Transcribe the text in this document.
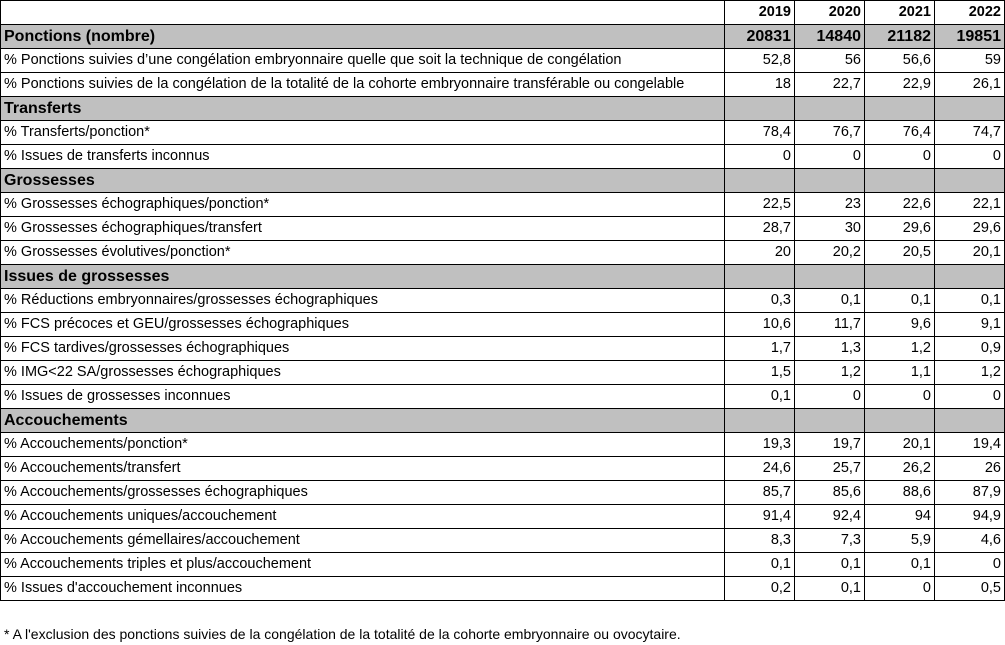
	2019	2020	2021	2022
Ponctions (nombre)	20831	14840	21182	19851
% Ponctions suivies d’une congélation embryonnaire quelle que soit la technique de congélation	52,8	56	56,6	59
% Ponctions suivies de la congélation de la totalité de la cohorte embryonnaire transférable ou congelable	18	22,7	22,9	26,1
Transferts				
% Transferts/ponction*	78,4	76,7	76,4	74,7
% Issues de transferts inconnus	0	0	0	0
Grossesses				
% Grossesses échographiques/ponction*	22,5	23	22,6	22,1
% Grossesses échographiques/transfert	28,7	30	29,6	29,6
% Grossesses évolutives/ponction*	20	20,2	20,5	20,1
Issues de grossesses				
% Réductions embryonnaires/grossesses échographiques	0,3	0,1	0,1	0,1
% FCS précoces et GEU/grossesses échographiques	10,6	11,7	9,6	9,1
% FCS tardives/grossesses échographiques	1,7	1,3	1,2	0,9
% IMG<22 SA/grossesses échographiques	1,5	1,2	1,1	1,2
% Issues de grossesses inconnues	0,1	0	0	0
Accouchements				
% Accouchements/ponction*	19,3	19,7	20,1	19,4
% Accouchements/transfert	24,6	25,7	26,2	26
% Accouchements/grossesses échographiques	85,7	85,6	88,6	87,9
% Accouchements uniques/accouchement	91,4	92,4	94	94,9
% Accouchements gémellaires/accouchement	8,3	7,3	5,9	4,6
% Accouchements triples et plus/accouchement	0,1	0,1	0,1	0
% Issues d'accouchement inconnues	0,2	0,1	0	0,5
* A l'exclusion des ponctions suivies de la congélation de la totalité de la cohorte embryonnaire ou ovocytaire.
